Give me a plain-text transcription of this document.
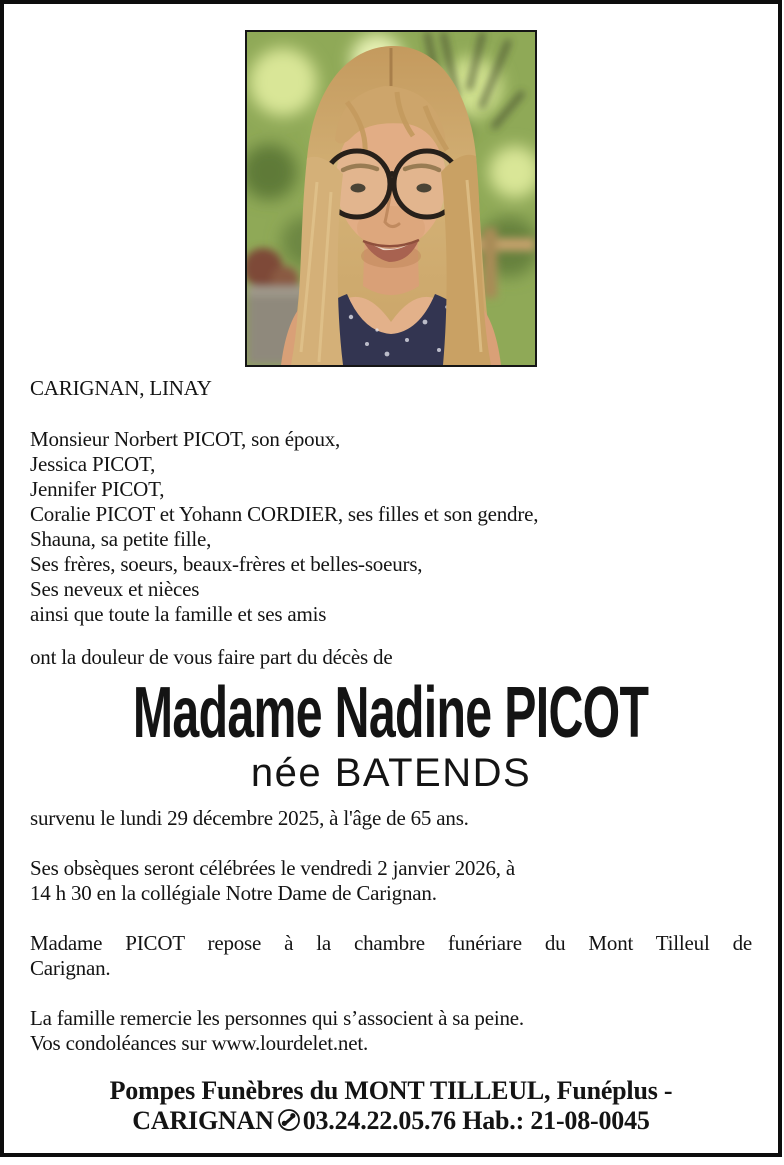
CARIGNAN, LINAY
Monsieur Norbert PICOT, son époux,
Jessica PICOT,
Jennifer PICOT,
Coralie PICOT et Yohann CORDIER, ses filles et son gendre,
Shauna, sa petite fille,
Ses frères, soeurs, beaux-frères et belles-soeurs,
Ses neveux et nièces
ainsi que toute la famille et ses amis
ont la douleur de vous faire part du décès de
Madame Nadine PICOT
née BATENDS
survenu le lundi 29 décembre 2025, à l'âge de 65 ans.
Ses obsèques seront célébrées le vendredi 2 janvier 2026, à
14 h 30 en la collégiale Notre Dame de Carignan.
Madame PICOT repose à la chambre funériare du Mont Tilleul de
Carignan.
La famille remercie les personnes qui s’associent à sa peine.
Vos condoléances sur www.lourdelet.net.
Pompes Funèbres du MONT TILLEUL, Funéplus -
CARIGNAN 03.24.22.05.76 Hab.: 21-08-0045
